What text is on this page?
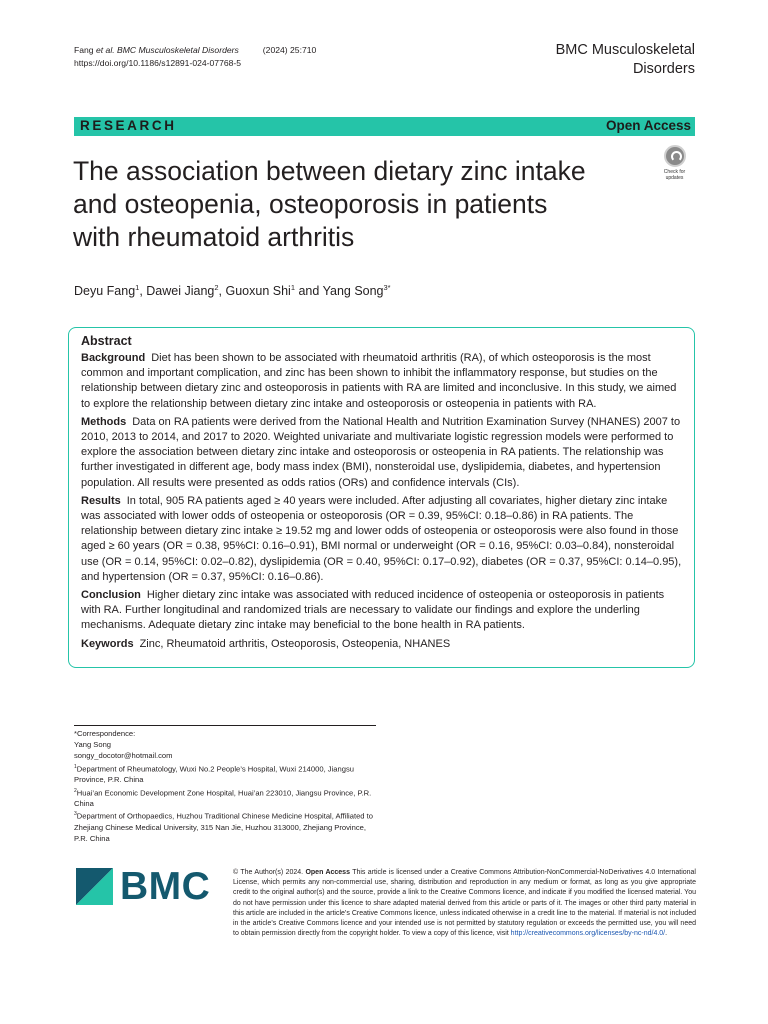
Fang et al. BMC Musculoskeletal Disorders	(2024) 25:710
https://doi.org/10.1186/s12891-024-07768-5
BMC Musculoskeletal
Disorders
RESEARCH	Open Access
Check for
updates
The association between dietary zinc intake
and osteopenia, osteoporosis in patients
with rheumatoid arthritis
Deyu Fang$^1$, Dawei Jiang$^2$, Guoxun Shi$^1$ and Yang Song$^{3*}$
Abstract

Background Diet has been shown to be associated with rheumatoid arthritis (RA), of which osteoporosis is the most common and important complication, and zinc has been shown to inhibit the inflammatory response, but studies on the relationship between dietary zinc and osteoporosis in patients with RA are limited and inconclusive. In this study, we aimed to explore the relationship between dietary zinc intake and osteoporosis or osteopenia in patients with RA.

Methods Data on RA patients were derived from the National Health and Nutrition Examination Survey (NHANES) 2007 to 2010, 2013 to 2014, and 2017 to 2020. Weighted univariate and multivariate logistic regression models were performed to explore the association between dietary zinc intake and osteoporosis or osteopenia in RA patients. The relationship was further investigated in different age, body mass index (BMI), nonsteroidal use, dyslipidemia, diabetes, and hypertension population. All results were presented as odds ratios (ORs) and confidence intervals (CIs).

Results In total, 905 RA patients aged ≥ 40 years were included. After adjusting all covariates, higher dietary zinc intake was associated with lower odds of osteopenia or osteoporosis (OR = 0.39, 95%CI: 0.18–0.86) in RA patients. The relationship between dietary zinc intake ≥ 19.52 mg and lower odds of osteopenia or osteoporosis were also found in those aged ≥ 60 years (OR = 0.38, 95%CI: 0.16–0.91), BMI normal or underweight (OR = 0.16, 95%CI: 0.03–0.84), nonsteroidal use (OR = 0.14, 95%CI: 0.02–0.82), dyslipidemia (OR = 0.40, 95%CI: 0.17–0.92), diabetes (OR = 0.37, 95%CI: 0.14–0.95), and hypertension (OR = 0.37, 95%CI: 0.16–0.86).

Conclusion Higher dietary zinc intake was associated with reduced incidence of osteopenia or osteoporosis in patients with RA. Further longitudinal and randomized trials are necessary to validate our findings and explore the underling mechanisms. Adequate dietary zinc intake may beneficial to the bone health in RA patients.

Keywords Zinc, Rheumatoid arthritis, Osteoporosis, Osteopenia, NHANES

*Correspondence:
Yang Song
songy_docotor@hotmail.com
$^1$Department of Rheumatology, Wuxi No.2 People’s Hospital, Wuxi 214000, Jiangsu Province, P.R. China
$^2$Huai’an Economic Development Zone Hospital, Huai’an 223010, Jiangsu Province, P.R. China
$^3$Department of Orthopaedics, Huzhou Traditional Chinese Medicine Hospital, Affiliated to Zhejiang Chinese Medical University, 315 Nan Jie, Huzhou 313000, Zhejiang Province, P.R. China
BMC	© The Author(s) 2024. Open Access This article is licensed under a Creative Commons Attribution-NonCommercial-NoDerivatives 4.0 International License, which permits any non-commercial use, sharing, distribution and reproduction in any medium or format, as long as you give appropriate credit to the original author(s) and the source, provide a link to the Creative Commons licence, and indicate if you modified the licensed material. You do not have permission under this licence to share adapted material derived from this article or parts of it. The images or other third party material in this article are included in the article’s Creative Commons licence, unless indicated otherwise in a credit line to the material. If material is not included in the article’s Creative Commons licence and your intended use is not permitted by statutory regulation or exceeds the permitted use, you will need to obtain permission directly from the copyright holder. To view a copy of this licence, visit http://creativecommons.org/licenses/by-nc-nd/4.0/.
